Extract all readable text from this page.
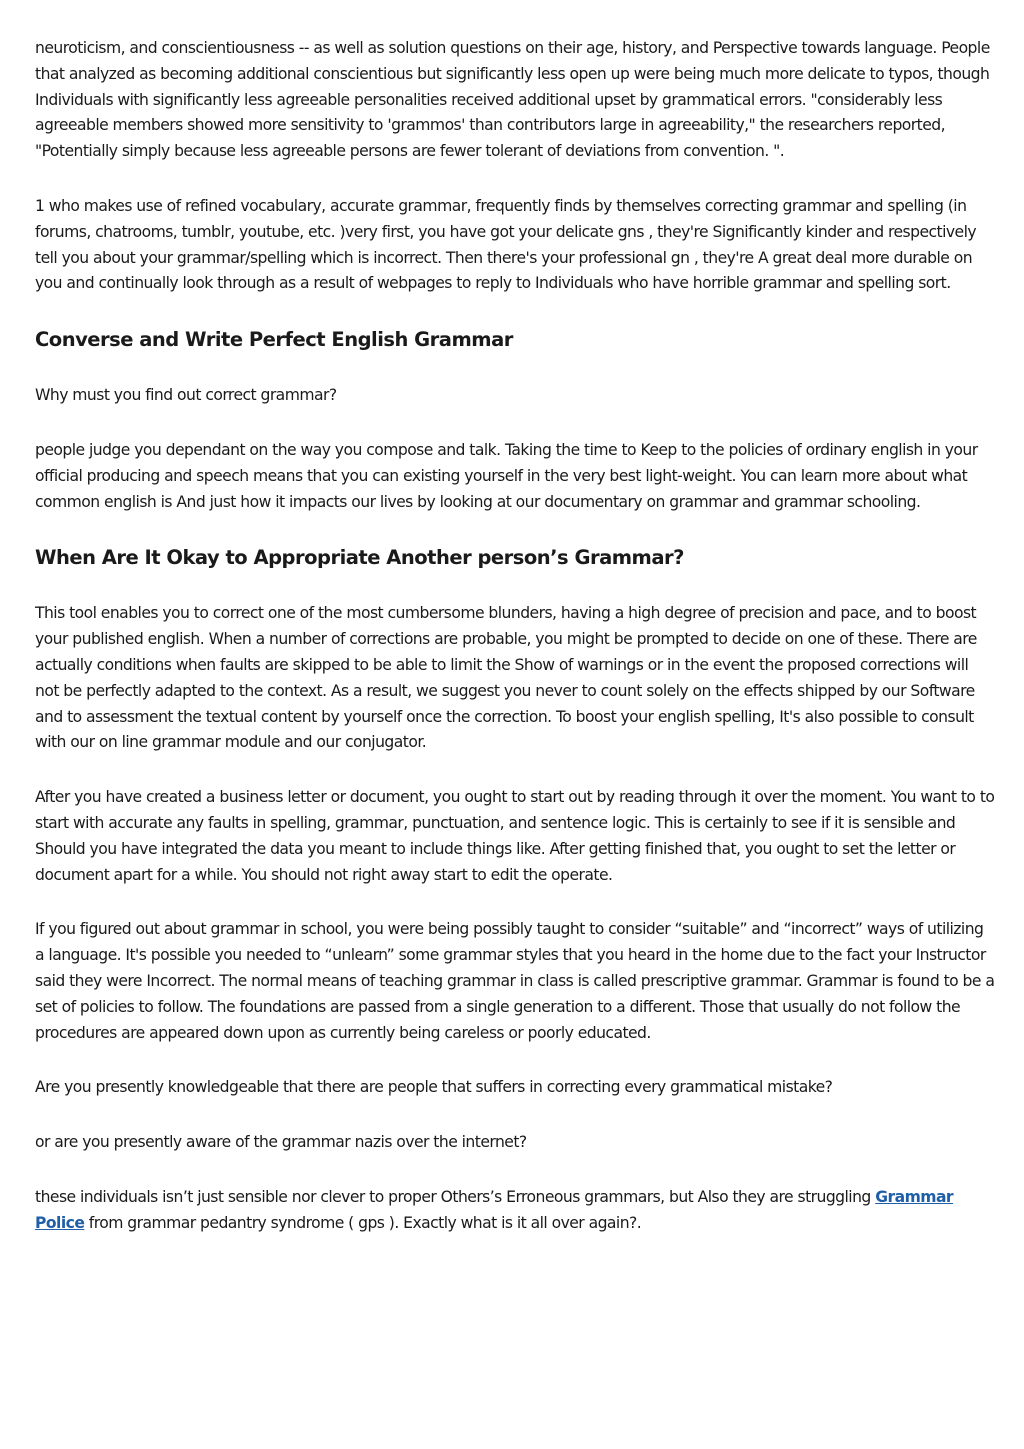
neuroticism, and conscientiousness -- as well as solution questions on their age, history, and Perspective towards language. People that analyzed as becoming additional conscientious but significantly less open up were being much more delicate to typos, though Individuals with significantly less agreeable personalities received additional upset by grammatical errors. "considerably less agreeable members showed more sensitivity to 'grammos' than contributors large in agreeability," the researchers reported, "Potentially simply because less agreeable persons are fewer tolerant of deviations from convention. ".

1 who makes use of refined vocabulary, accurate grammar, frequently finds by themselves correcting grammar and spelling (in forums, chatrooms, tumblr, youtube, etc. )very first, you have got your delicate gns , they're Significantly kinder and respectively tell you about your grammar/spelling which is incorrect. Then there's your professional gn , they're A great deal more durable on you and continually look through as a result of webpages to reply to Individuals who have horrible grammar and spelling sort.

Converse and Write Perfect English Grammar

Why must you find out correct grammar?

people judge you dependant on the way you compose and talk. Taking the time to Keep to the policies of ordinary english in your official producing and speech means that you can existing yourself in the very best light-weight. You can learn more about what common english is And just how it impacts our lives by looking at our documentary on grammar and grammar schooling.

When Are It Okay to Appropriate Another person’s Grammar?

This tool enables you to correct one of the most cumbersome blunders, having a high degree of precision and pace, and to boost your published english. When a number of corrections are probable, you might be prompted to decide on one of these. There are actually conditions when faults are skipped to be able to limit the Show of warnings or in the event the proposed corrections will not be perfectly adapted to the context. As a result, we suggest you never to count solely on the effects shipped by our Software and to assessment the textual content by yourself once the correction. To boost your english spelling, It's also possible to consult with our on line grammar module and our conjugator.

After you have created a business letter or document, you ought to start out by reading through it over the moment. You want to to start with accurate any faults in spelling, grammar, punctuation, and sentence logic. This is certainly to see if it is sensible and Should you have integrated the data you meant to include things like. After getting finished that, you ought to set the letter or document apart for a while. You should not right away start to edit the operate.

If you figured out about grammar in school, you were being possibly taught to consider “suitable” and “incorrect” ways of utilizing a language. It's possible you needed to “unlearn” some grammar styles that you heard in the home due to the fact your Instructor said they were Incorrect. The normal means of teaching grammar in class is called prescriptive grammar. Grammar is found to be a set of policies to follow. The foundations are passed from a single generation to a different. Those that usually do not follow the procedures are appeared down upon as currently being careless or poorly educated.

Are you presently knowledgeable that there are people that suffers in correcting every grammatical mistake?

or are you presently aware of the grammar nazis over the internet?

these individuals isn’t just sensible nor clever to proper Others’s Erroneous grammars, but Also they are struggling Grammar Police from grammar pedantry syndrome ( gps ). Exactly what is it all over again?.
